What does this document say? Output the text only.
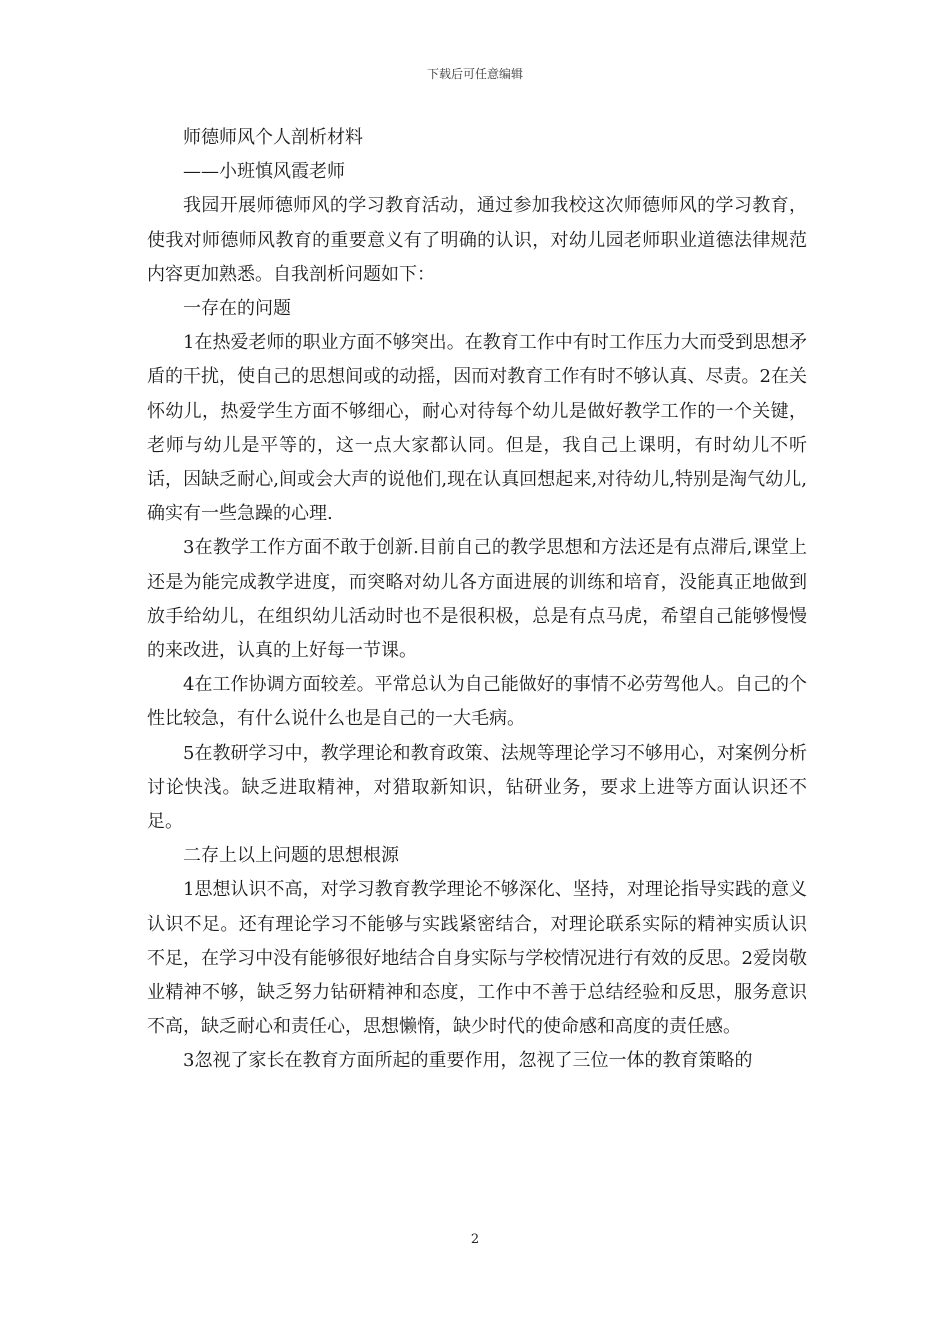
下载后可任意编辑

师德师风个人剖析材料

——小班慎风霞老师

我园开展师德师风的学习教育活动，通过参加我校这次师德师风的学习教育，使我对师德师风教育的重要意义有了明确的认识，对幼儿园老师职业道德法律规范内容更加熟悉。自我剖析问题如下：

一存在的问题

1在热爱老师的职业方面不够突出。在教育工作中有时工作压力大而受到思想矛盾的干扰，使自己的思想间或的动摇，因而对教育工作有时不够认真、尽责。2在关怀幼儿，热爱学生方面不够细心，耐心对待每个幼儿是做好教学工作的一个关键，老师与幼儿是平等的，这一点大家都认同。但是，我自己上课明，有时幼儿不听话，因缺乏耐心,间或会大声的说他们,现在认真回想起来,对待幼儿,特别是淘气幼儿,确实有一些急躁的心理.

3在教学工作方面不敢于创新.目前自己的教学思想和方法还是有点滞后,课堂上还是为能完成教学进度，而突略对幼儿各方面进展的训练和培育，没能真正地做到放手给幼儿，在组织幼儿活动时也不是很积极，总是有点马虎，希望自己能够慢慢的来改进，认真的上好每一节课。

4在工作协调方面较差。平常总认为自己能做好的事情不必劳驾他人。自己的个性比较急，有什么说什么也是自己的一大毛病。

5在教研学习中，教学理论和教育政策、法规等理论学习不够用心，对案例分析讨论快浅。缺乏进取精神，对猎取新知识，钻研业务，要求上进等方面认识还不足。

二存上以上问题的思想根源

1思想认识不高，对学习教育教学理论不够深化、坚持，对理论指导实践的意义认识不足。还有理论学习不能够与实践紧密结合，对理论联系实际的精神实质认识不足，在学习中没有能够很好地结合自身实际与学校情况进行有效的反思。2爱岗敬业精神不够，缺乏努力钻研精神和态度，工作中不善于总结经验和反思，服务意识不高，缺乏耐心和责任心，思想懒惰，缺少时代的使命感和高度的责任感。

3忽视了家长在教育方面所起的重要作用，忽视了三位一体的教育策略的

2
